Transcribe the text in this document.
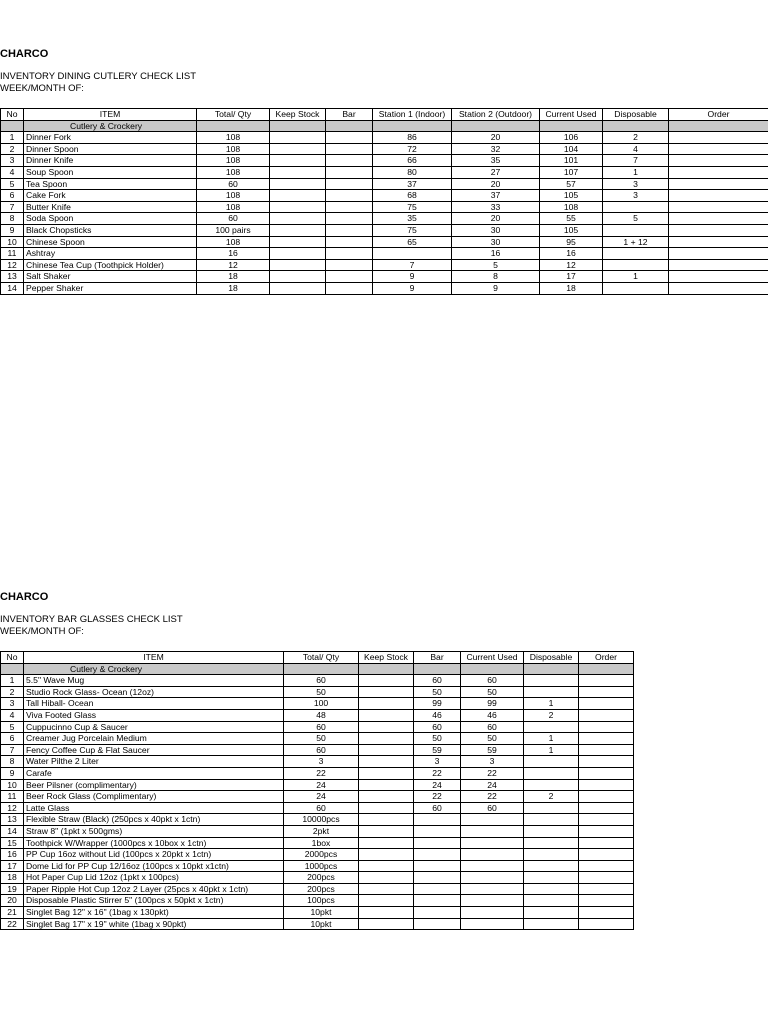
CHARCO

INVENTORY DINING CUTLERY CHECK LIST

WEEK/MONTH OF:

No	ITEM	Total/ Qty	Keep Stock	Bar	Station 1 (Indoor)	Station 2 (Outdoor)	Current Used	Disposable	Order
	Cutlery & Crockery								
1	Dinner Fork	108			86	20	106	2	
2	Dinner Spoon	108			72	32	104	4	
3	Dinner Knife	108			66	35	101	7	
4	Soup Spoon	108			80	27	107	1	
5	Tea Spoon	60			37	20	57	3	
6	Cake Fork	108			68	37	105	3	
7	Butter Knife	108			75	33	108		
8	Soda Spoon	60			35	20	55	5	
9	Black Chopsticks	100 pairs			75	30	105		
10	Chinese Spoon	108			65	30	95	1 + 12	
11	Ashtray	16				16	16		
12	Chinese Tea Cup (Toothpick Holder)	12			7	5	12		
13	Salt Shaker	18			9	8	17	1	
14	Pepper Shaker	18			9	9	18		

CHARCO

INVENTORY BAR GLASSES CHECK LIST

WEEK/MONTH OF:

No	ITEM	Total/ Qty	Keep Stock	Bar	Current Used	Disposable	Order
	Cutlery & Crockery						
1	5.5" Wave Mug	60		60	60		
2	Studio Rock Glass- Ocean (12oz)	50		50	50		
3	Tall Hiball- Ocean	100		99	99	1	
4	Viva Footed Glass	48		46	46	2	
5	Cuppucinno Cup & Saucer	60		60	60		
6	Creamer Jug Porcelain Medium	50		50	50	1	
7	Fency Coffee Cup & Flat Saucer	60		59	59	1	
8	Water Pilthe 2 Liter	3		3	3		
9	Carafe	22		22	22		
10	Beer Pilsner (complimentary)	24		24	24		
11	Beer Rock Glass (Complimentary)	24		22	22	2	
12	Latte Glass	60		60	60		
13	Flexible Straw (Black) (250pcs x 40pkt x 1ctn)	10000pcs					
14	Straw 8" (1pkt x 500gms)	2pkt					
15	Toothpick W/Wrapper (1000pcs x 10box x 1ctn)	1box					
16	PP Cup 16oz without Lid (100pcs x 20pkt x 1ctn)	2000pcs					
17	Dome Lid for PP Cup 12/16oz (100pcs x 10pkt x1ctn)	1000pcs					
18	Hot Paper Cup Lid 12oz (1pkt x 100pcs)	200pcs					
19	Paper Ripple Hot Cup 12oz 2 Layer (25pcs x 40pkt x 1ctn)	200pcs					
20	Disposable Plastic Stirrer 5" (100pcs x 50pkt x 1ctn)	100pcs					
21	Singlet Bag 12" x 16" (1bag x 130pkt)	10pkt					
22	Singlet Bag 17" x 19" white (1bag x 90pkt)	10pkt					
